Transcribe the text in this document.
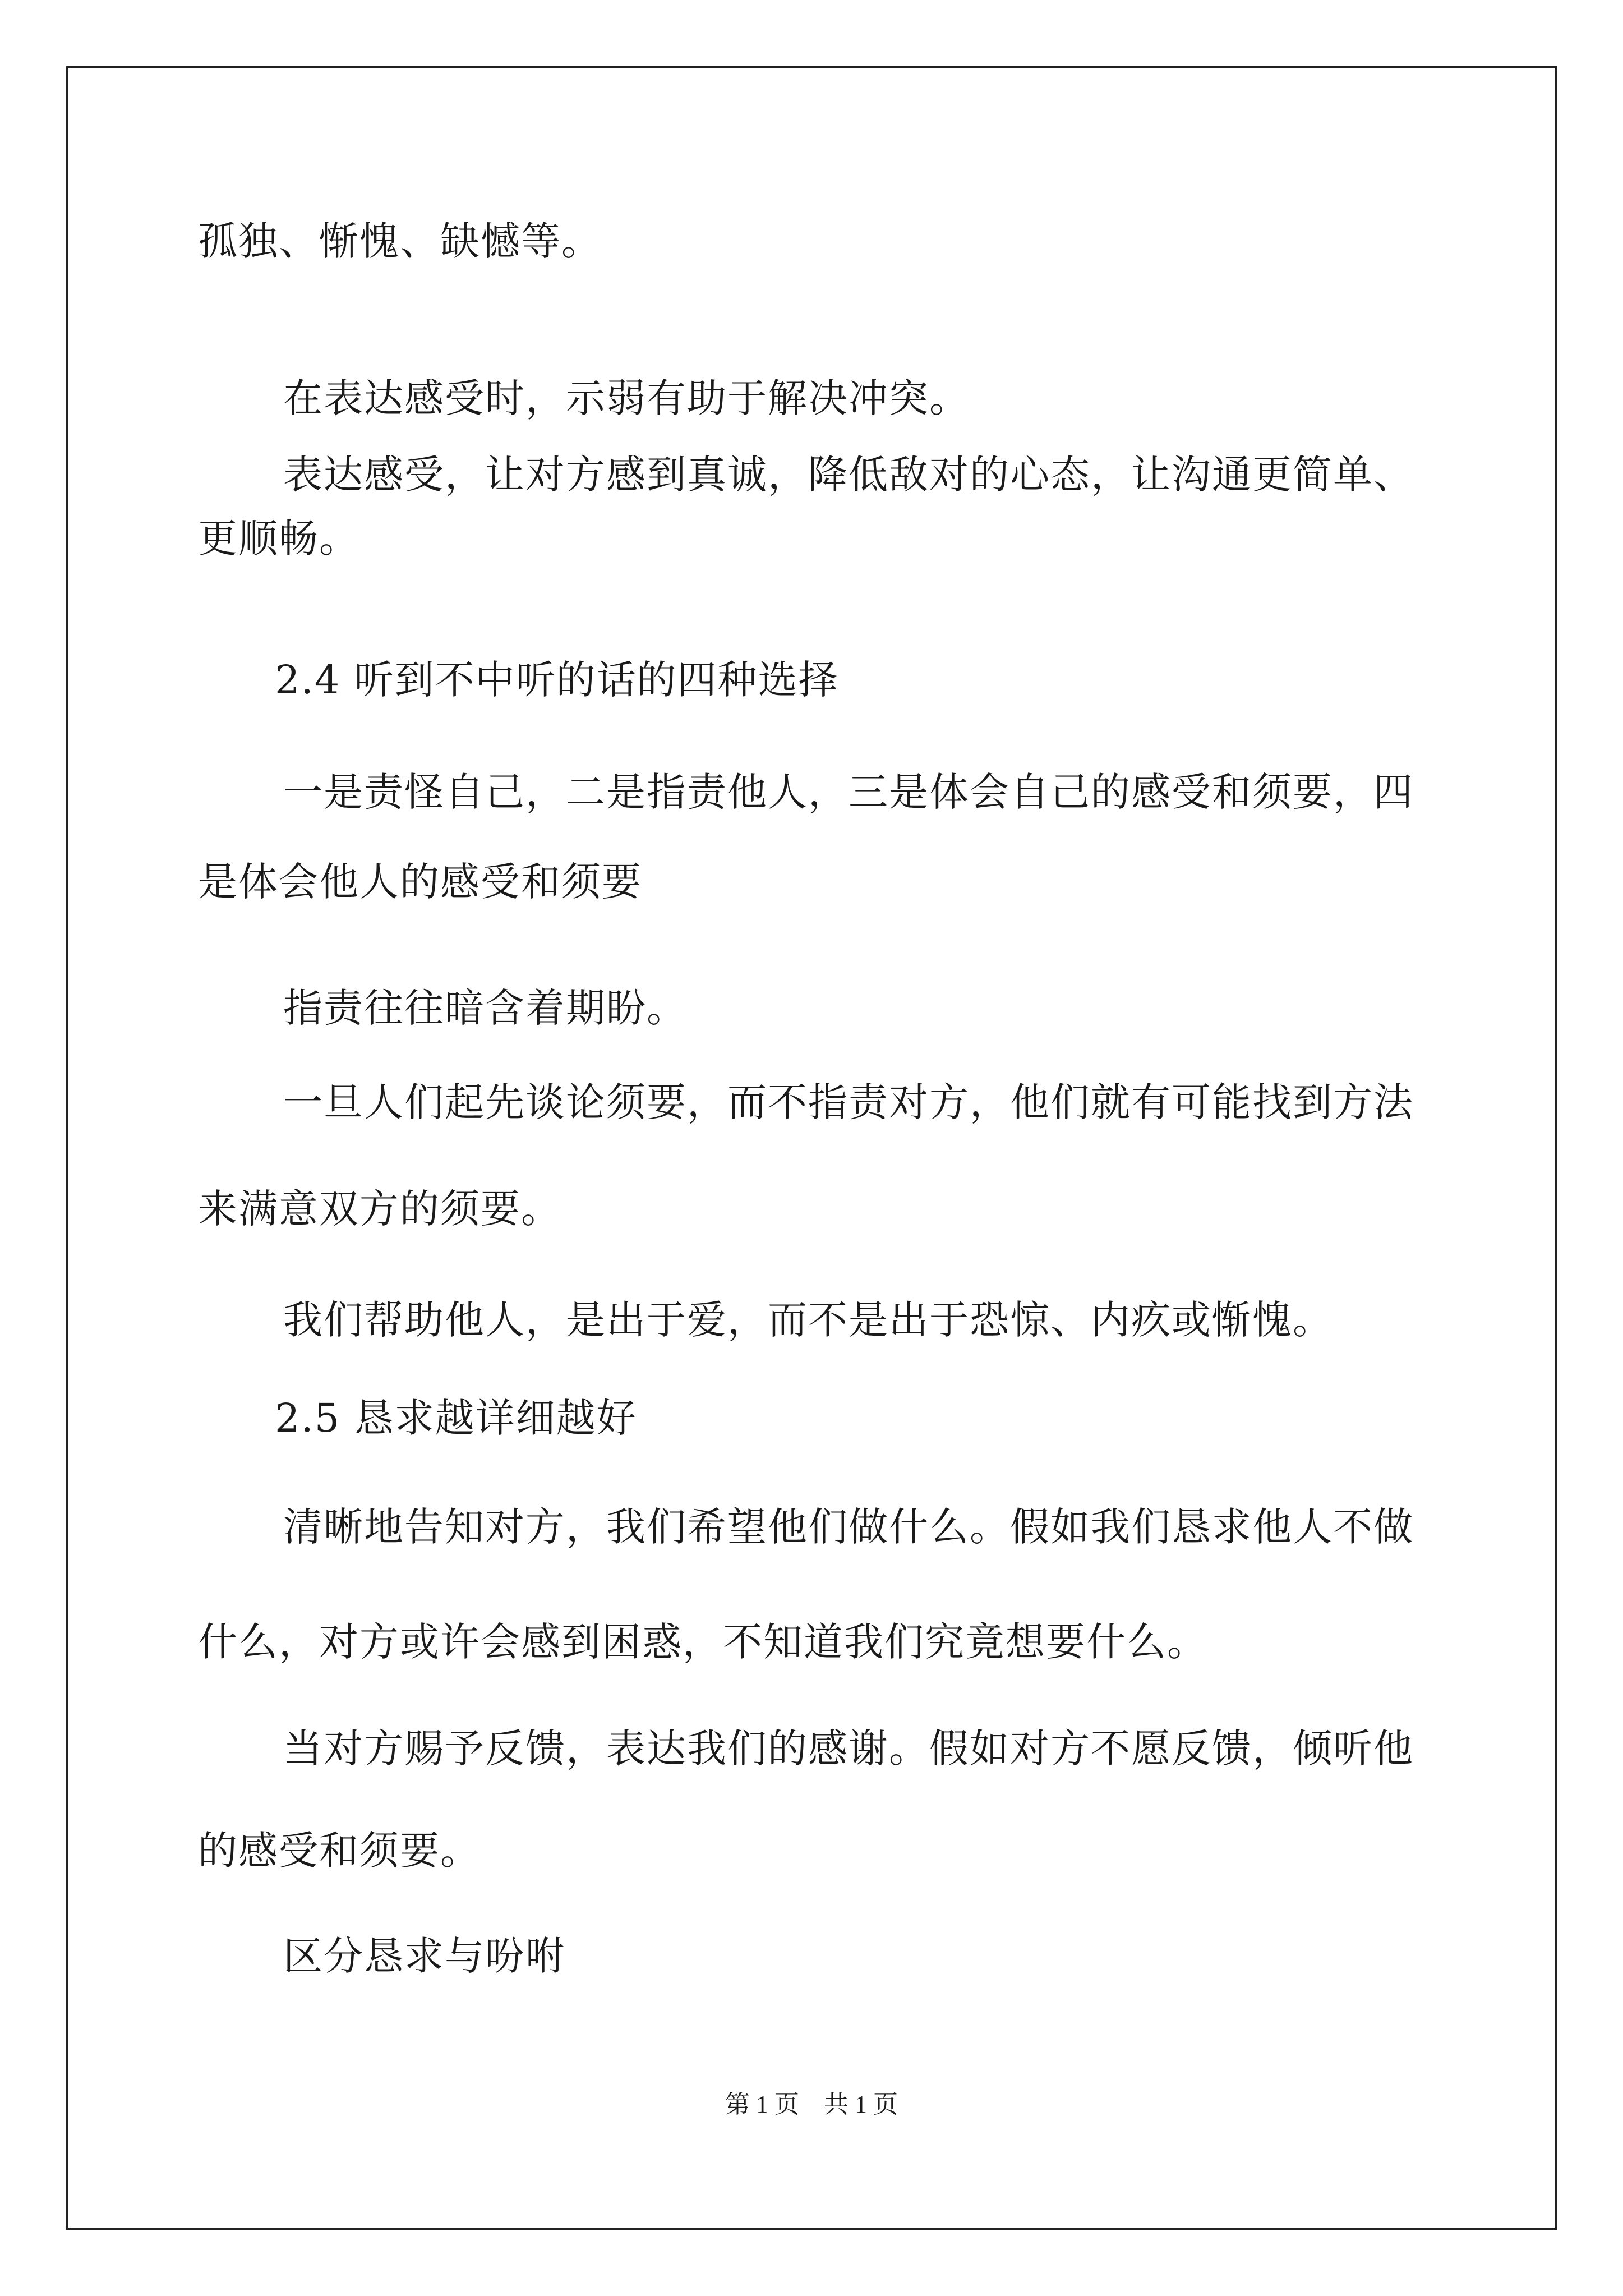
孤独、惭愧、缺憾等。
在表达感受时，示弱有助于解决冲突。
表达感受，让对方感到真诚，降低敌对的心态，让沟通更简单、
更顺畅。
2.4 听到不中听的话的四种选择
一是责怪自己，二是指责他人，三是体会自己的感受和须要，四
是体会他人的感受和须要
指责往往暗含着期盼。
一旦人们起先谈论须要，而不指责对方，他们就有可能找到方法
来满意双方的须要。
我们帮助他人，是出于爱，而不是出于恐惊、内疚或惭愧。
2.5 恳求越详细越好
清晰地告知对方，我们希望他们做什么。假如我们恳求他人不做
什么，对方或许会感到困惑，不知道我们究竟想要什么。
当对方赐予反馈，表达我们的感谢。假如对方不愿反馈，倾听他
的感受和须要。
区分恳求与吩咐
第 1 页　共 1 页
